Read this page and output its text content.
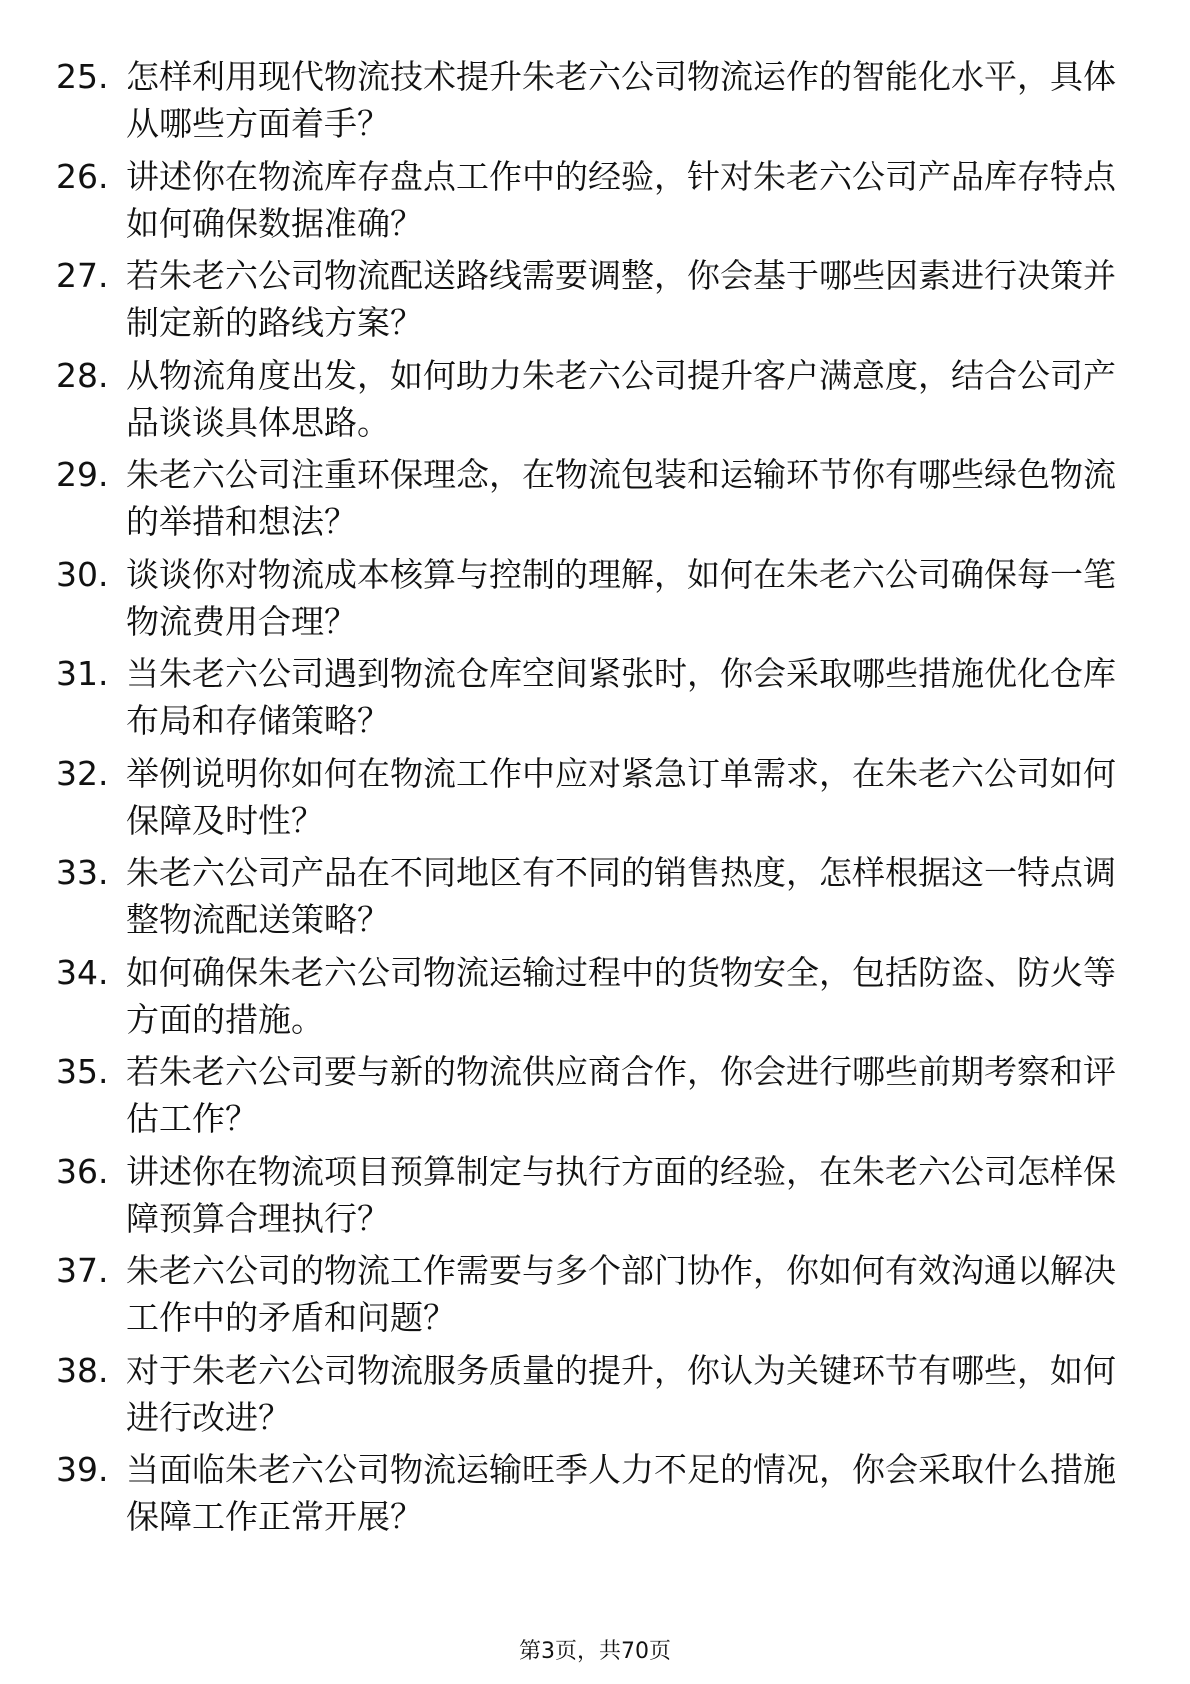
25. 怎样利用现代物流技术提升朱老六公司物流运作的智能化水平，具体从哪些方面着手？
26. 讲述你在物流库存盘点工作中的经验，针对朱老六公司产品库存特点如何确保数据准确？
27. 若朱老六公司物流配送路线需要调整，你会基于哪些因素进行决策并制定新的路线方案？
28. 从物流角度出发，如何助力朱老六公司提升客户满意度，结合公司产品谈谈具体思路。
29. 朱老六公司注重环保理念，在物流包装和运输环节你有哪些绿色物流的举措和想法？
30. 谈谈你对物流成本核算与控制的理解，如何在朱老六公司确保每一笔物流费用合理？
31. 当朱老六公司遇到物流仓库空间紧张时，你会采取哪些措施优化仓库布局和存储策略？
32. 举例说明你如何在物流工作中应对紧急订单需求，在朱老六公司如何保障及时性？
33. 朱老六公司产品在不同地区有不同的销售热度，怎样根据这一特点调整物流配送策略？
34. 如何确保朱老六公司物流运输过程中的货物安全，包括防盗、防火等方面的措施。
35. 若朱老六公司要与新的物流供应商合作，你会进行哪些前期考察和评估工作？
36. 讲述你在物流项目预算制定与执行方面的经验，在朱老六公司怎样保障预算合理执行？
37. 朱老六公司的物流工作需要与多个部门协作，你如何有效沟通以解决工作中的矛盾和问题？
38. 对于朱老六公司物流服务质量的提升，你认为关键环节有哪些，如何进行改进？
39. 当面临朱老六公司物流运输旺季人力不足的情况，你会采取什么措施保障工作正常开展？
第3页，共70页
